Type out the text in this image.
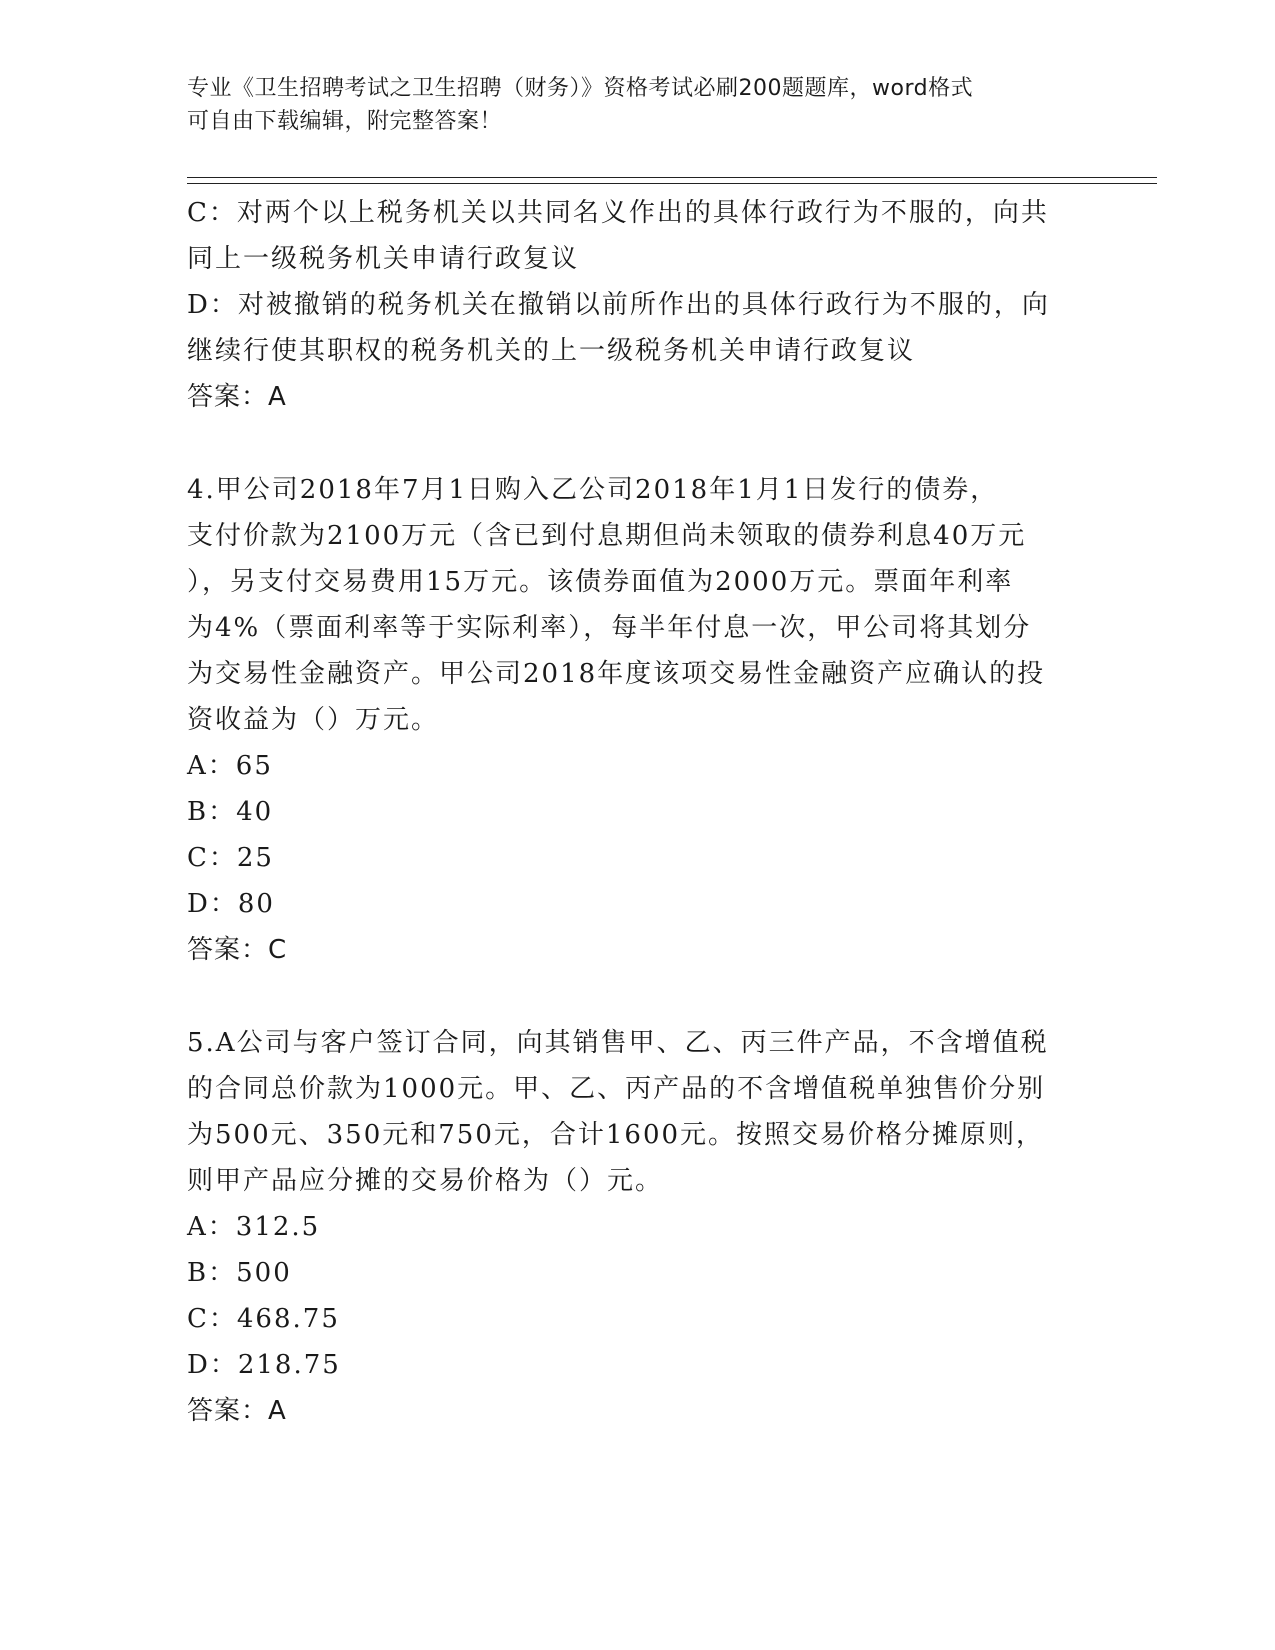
专业《卫生招聘考试之卫生招聘（财务）》资格考试必刷200题题库，word格式
可自由下载编辑，附完整答案！
C：对两个以上税务机关以共同名义作出的具体行政行为不服的，向共
同上一级税务机关申请行政复议
D：对被撤销的税务机关在撤销以前所作出的具体行政行为不服的，向
继续行使其职权的税务机关的上一级税务机关申请行政复议
答案：A
4.甲公司2018年7月1日购入乙公司2018年1月1日发行的债券，
支付价款为2100万元（含已到付息期但尚未领取的债券利息40万元
），另支付交易费用15万元。该债券面值为2000万元。票面年利率
为4%（票面利率等于实际利率），每半年付息一次，甲公司将其划分
为交易性金融资产。甲公司2018年度该项交易性金融资产应确认的投
资收益为（）万元。
A：65
B：40
C：25
D：80
答案：C
5.A公司与客户签订合同，向其销售甲、乙、丙三件产品，不含增值税
的合同总价款为1000元。甲、乙、丙产品的不含增值税单独售价分别
为500元、350元和750元，合计1600元。按照交易价格分摊原则，
则甲产品应分摊的交易价格为（）元。
A：312.5
B：500
C：468.75
D：218.75
答案：A
